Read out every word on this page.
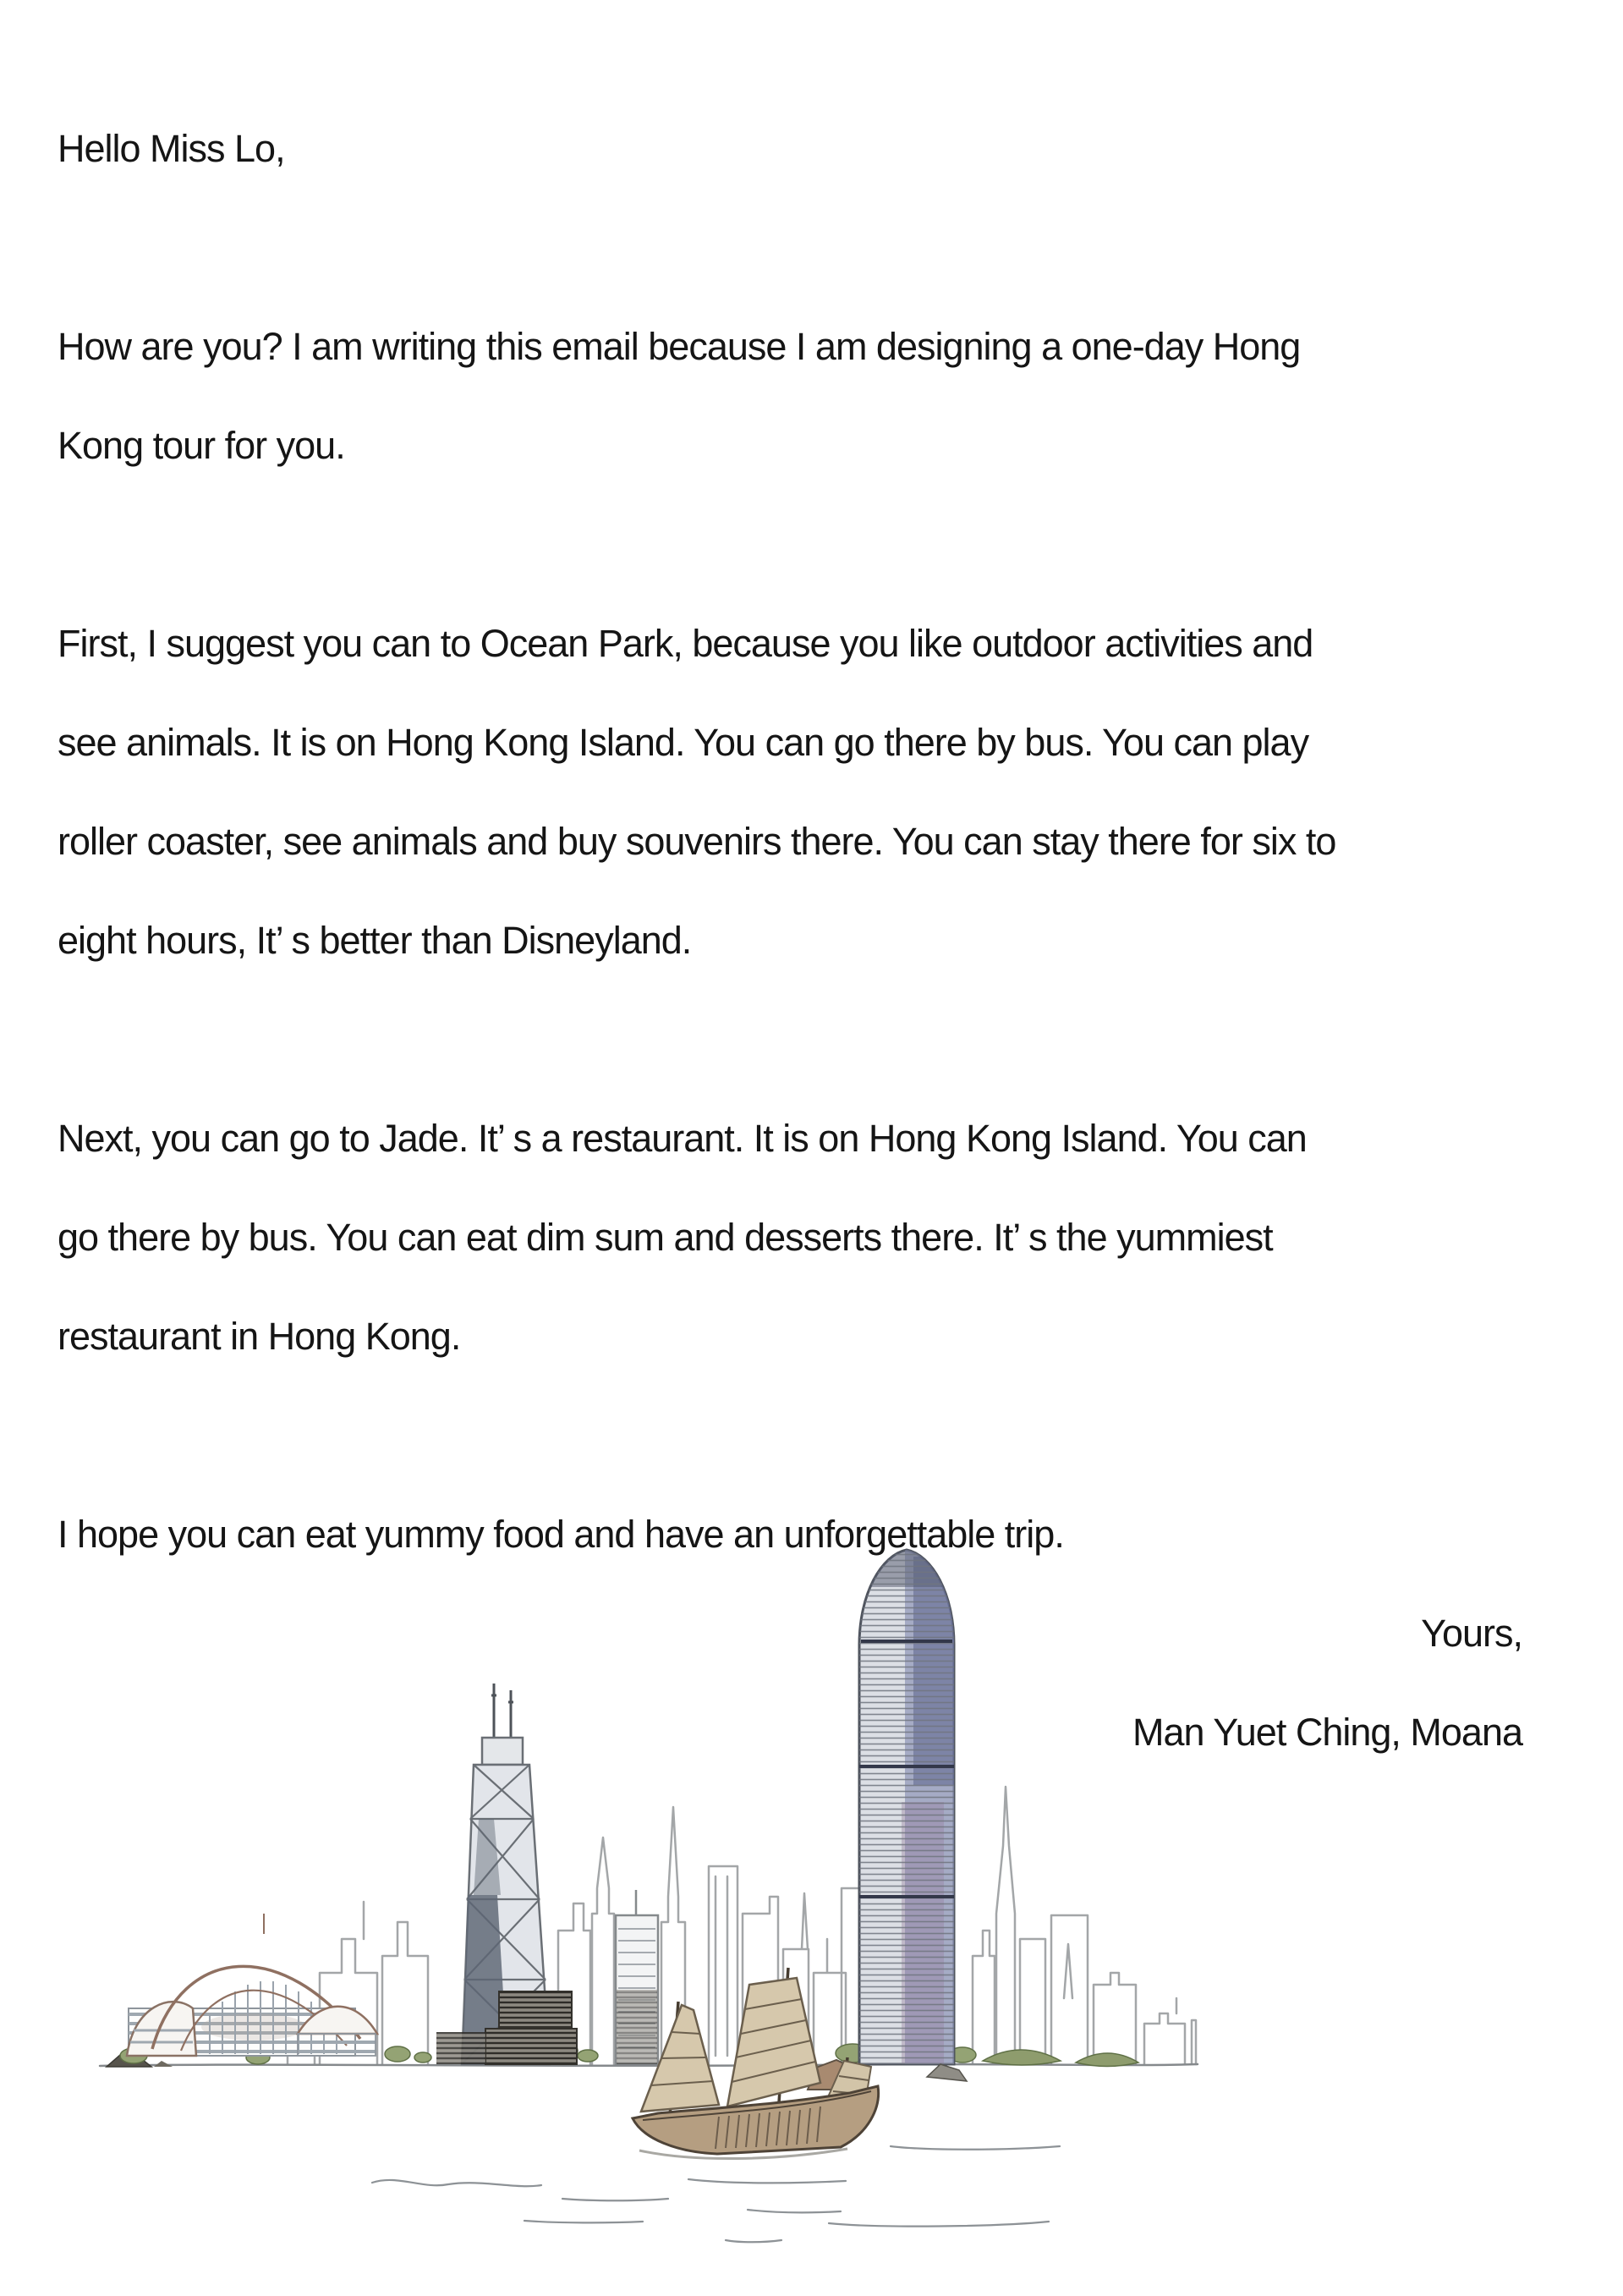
Hello Miss Lo,
How are you? I am writing this email because I am designing a one-day Hong
Kong tour for you.
First, I suggest you can to Ocean Park, because you like outdoor activities and
see animals. It is on Hong Kong Island. You can go there by bus. You can play
roller coaster, see animals and buy souvenirs there. You can stay there for six to
eight hours, It’ s better than Disneyland.
Next, you can go to Jade. It’ s a restaurant. It is on Hong Kong Island. You can
go there by bus. You can eat dim sum and desserts there. It’ s the yummiest
restaurant in Hong Kong.
I hope you can eat yummy food and have an unforgettable trip.
Yours,
Man Yuet Ching, Moana
